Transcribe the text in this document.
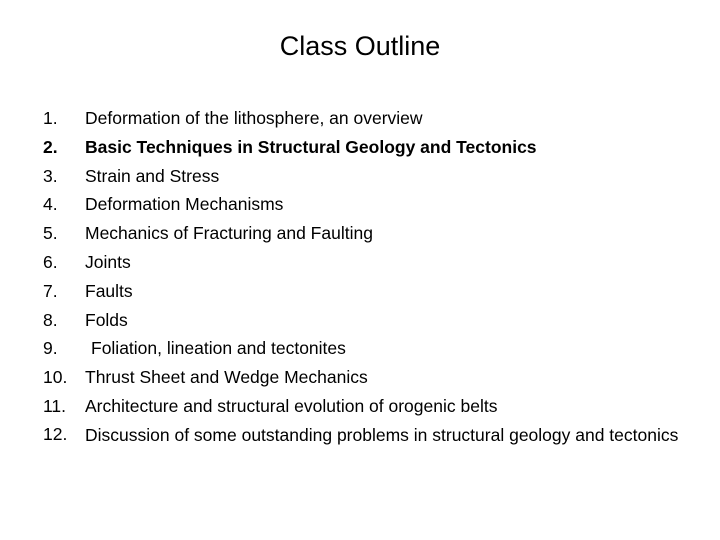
Class Outline
1.	Deformation of the lithosphere, an overview
2.	Basic Techniques in Structural Geology and Tectonics
3.	Strain and Stress
4.	Deformation Mechanisms
5.	Mechanics of Fracturing and Faulting
6.	Joints
7.	Faults
8.	Folds
9.	Foliation, lineation and tectonites
10.	Thrust Sheet and Wedge Mechanics
11.	Architecture and structural evolution of orogenic belts
12.	Discussion of some outstanding problems in structural geology and tectonics
